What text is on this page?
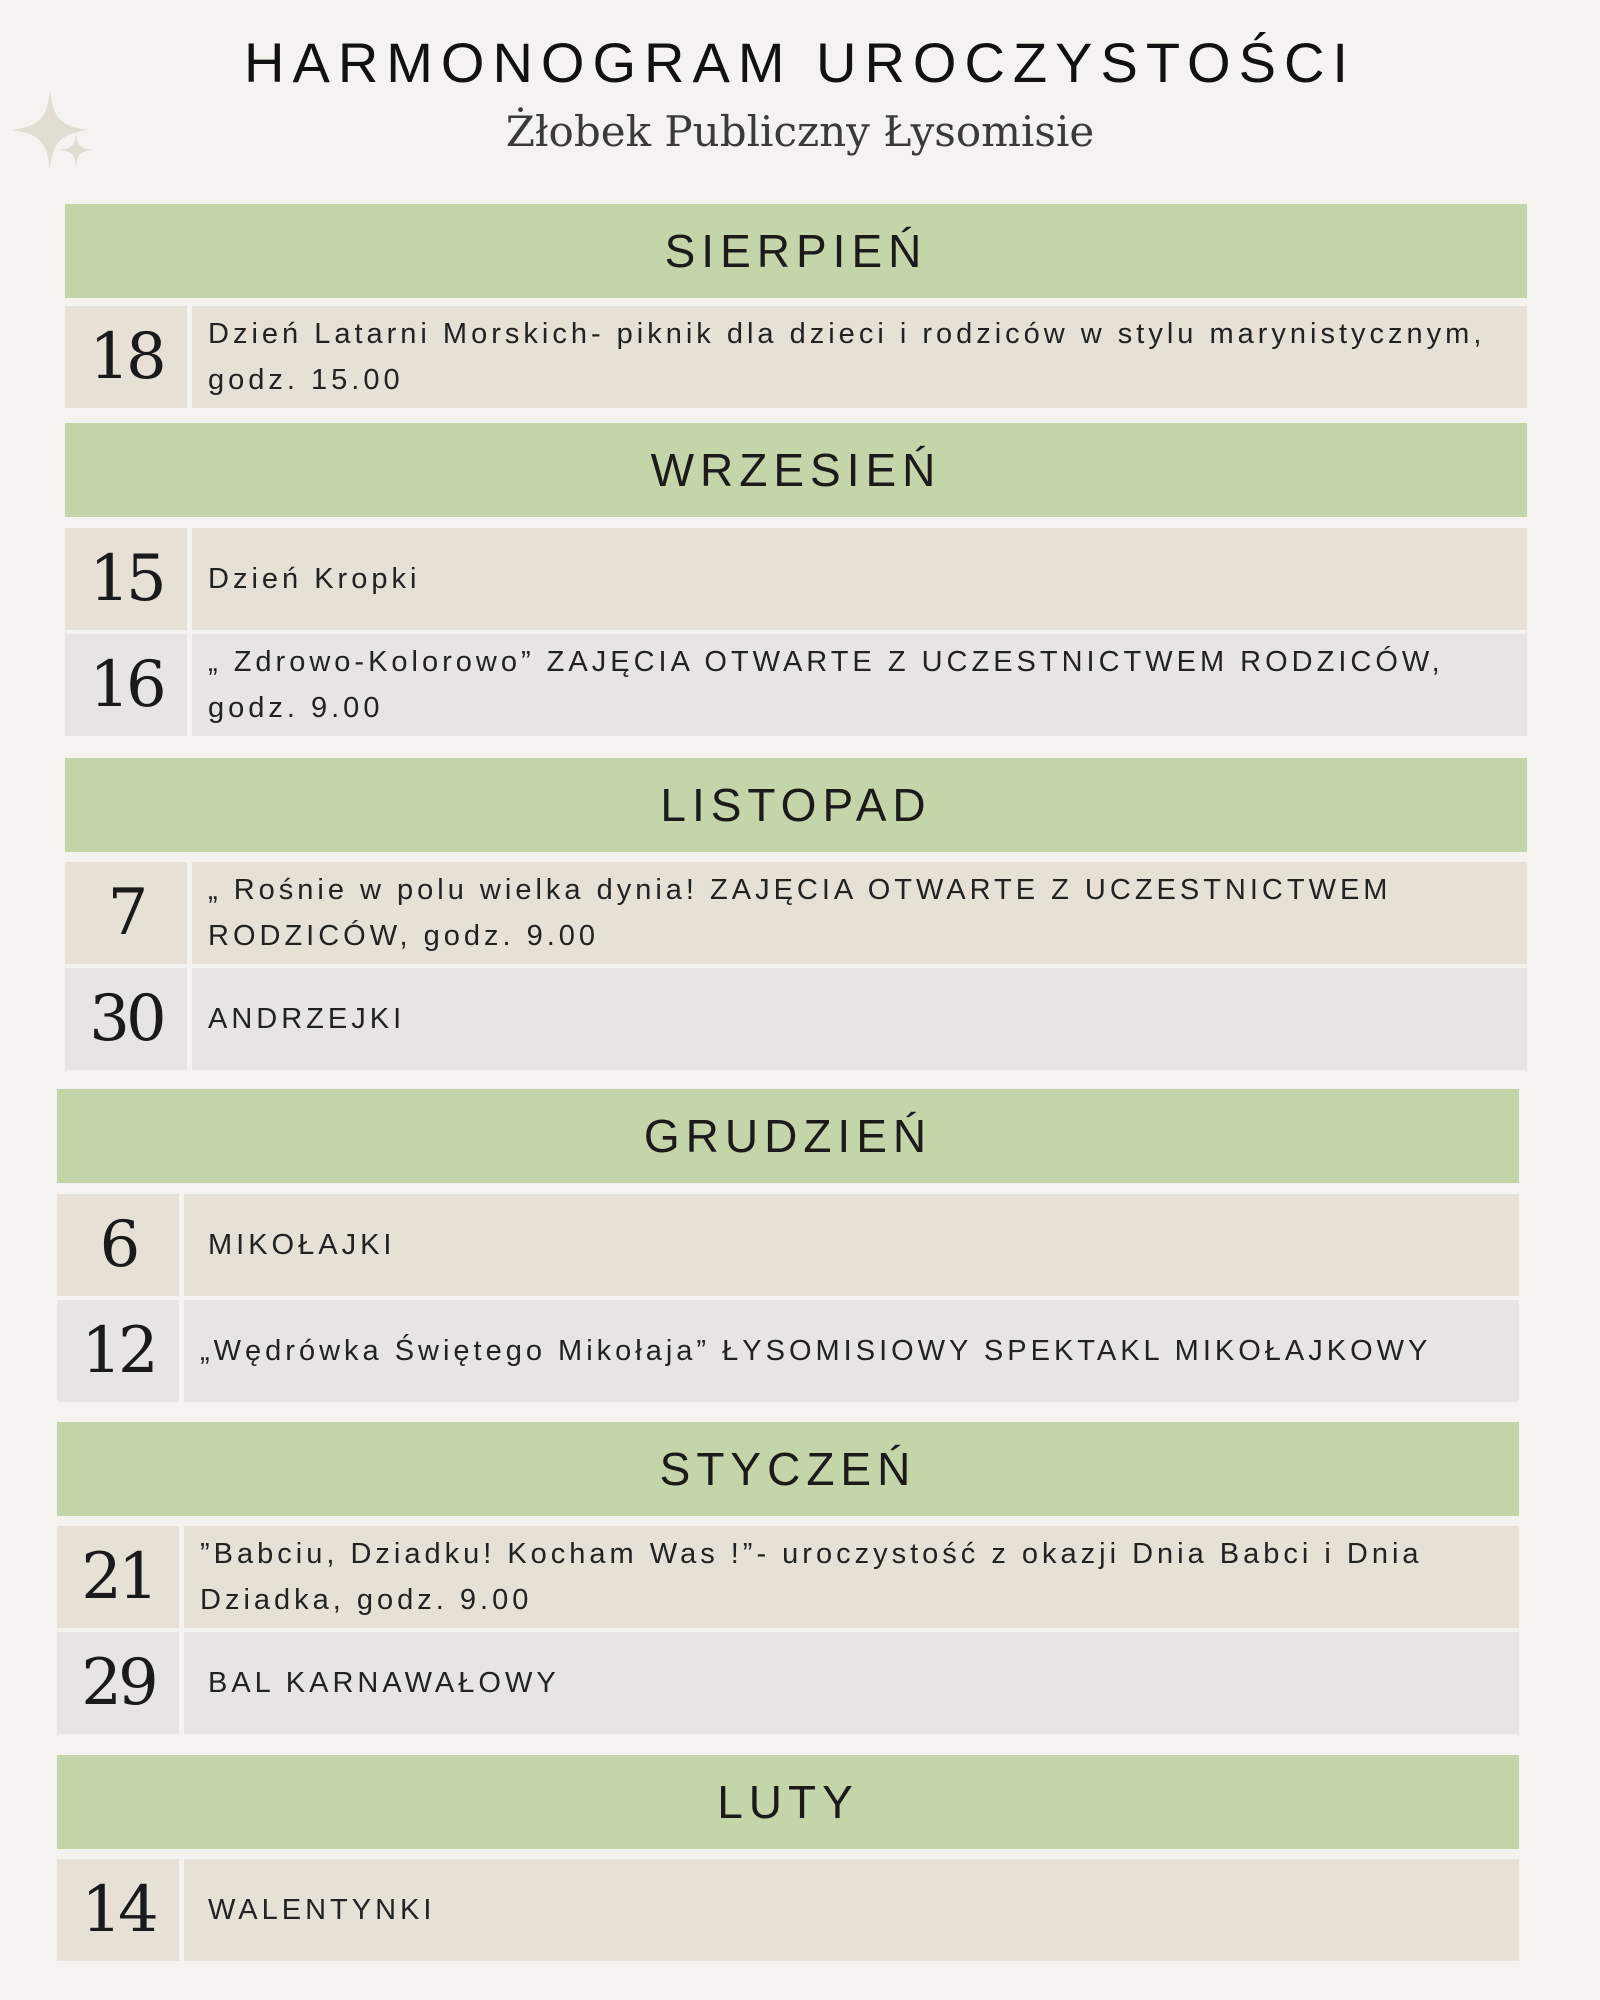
HARMONOGRAM UROCZYSTOŚCI
Żłobek Publiczny Łysomisie
SIERPIEŃ
18	Dzień Latarni Morskich- piknik dla dzieci i rodziców w stylu marynistycznym, godz. 15.00
WRZESIEŃ
15	Dzień Kropki
16	„ Zdrowo-Kolorowo” ZAJĘCIA OTWARTE Z UCZESTNICTWEM RODZICÓW, godz. 9.00
LISTOPAD
7	„ Rośnie w polu wielka dynia! ZAJĘCIA OTWARTE Z UCZESTNICTWEM RODZICÓW, godz. 9.00
30	ANDRZEJKI
GRUDZIEŃ
6	MIKOŁAJKI
12	„Wędrówka Świętego Mikołaja” ŁYSOMISIOWY SPEKTAKL MIKOŁAJKOWY
STYCZEŃ
21	”Babciu, Dziadku! Kocham Was !”- uroczystość z okazji Dnia Babci i Dnia Dziadka, godz. 9.00
29	BAL KARNAWAŁOWY
LUTY
14	WALENTYNKI
